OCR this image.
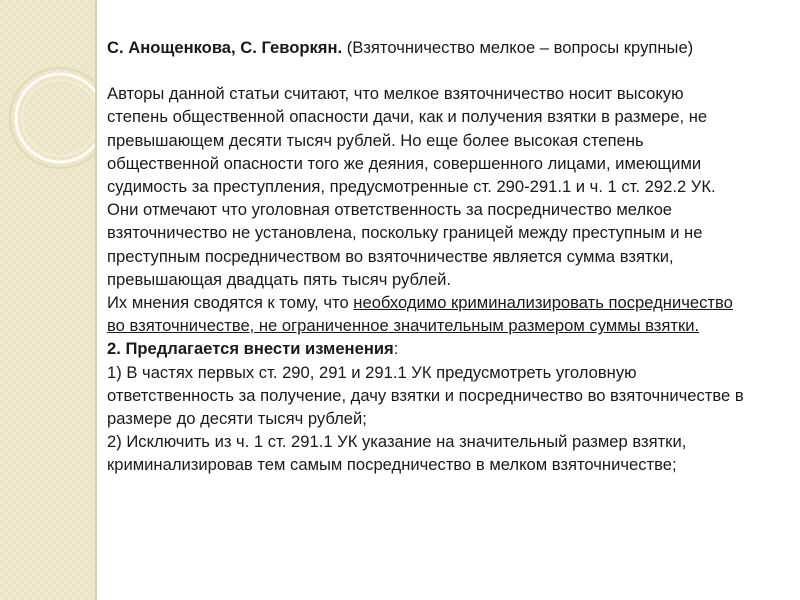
С. Анощенкова, С. Геворкян. (Взяточничество мелкое – вопросы крупные)

Авторы данной статьи считают, что мелкое взяточничество носит высокую степень общественной опасности дачи, как и получения взятки в размере, не превышающем десяти тысяч рублей. Но еще более высокая степень общественной опасности того же деяния, совершенного лицами, имеющими судимость за преступления, предусмотренные ст. 290-291.1 и ч. 1 ст. 292.2 УК.

Они отмечают что уголовная ответственность за посредничество мелкое взяточничество не установлена, поскольку границей между преступным и не преступным посредничеством во взяточничестве является сумма взятки, превышающая двадцать пять тысяч рублей.

Их мнения сводятся к тому, что необходимо криминализировать посредничество во взяточничестве, не ограниченное значительным размером суммы взятки.

2. Предлагается внести изменения:

1) В частях первых ст. 290, 291 и 291.1 УК предусмотреть уголовную ответственность за получение, дачу взятки и посредничество во взяточничестве в размере до десяти тысяч рублей;

2) Исключить из ч. 1 ст. 291.1 УК указание на значительный размер взятки, криминализировав тем самым посредничество в мелком взяточничестве;
